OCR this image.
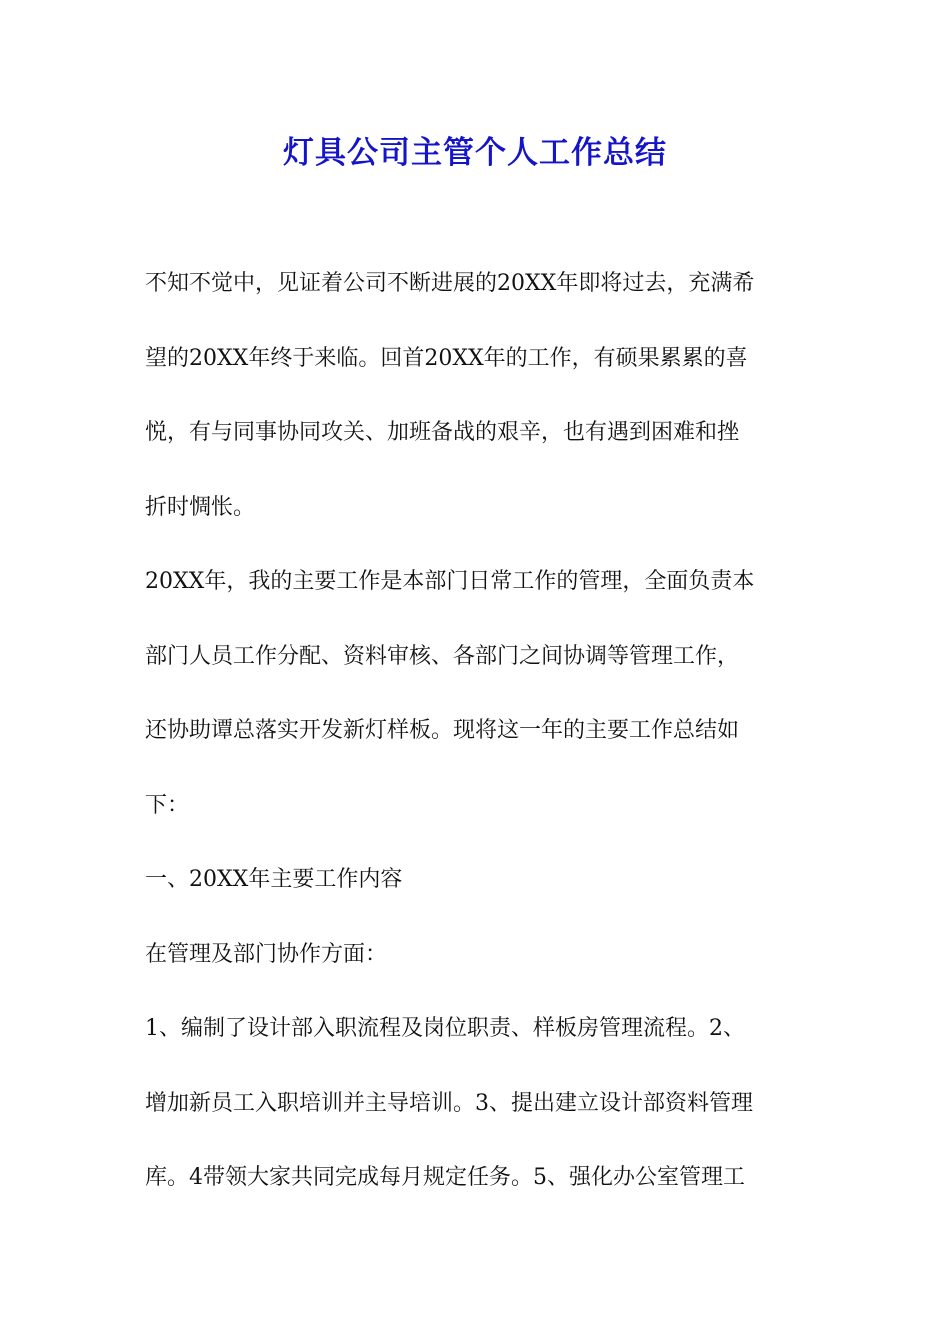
灯具公司主管个人工作总结

不知不觉中，见证着公司不断进展的20XX年即将过去，充满希

望的20XX年终于来临。回首20XX年的工作，有硕果累累的喜

悦，有与同事协同攻关、加班备战的艰辛，也有遇到困难和挫

折时惆怅。

20XX年，我的主要工作是本部门日常工作的管理，全面负责本

部门人员工作分配、资料审核、各部门之间协调等管理工作，

还协助谭总落实开发新灯样板。现将这一年的主要工作总结如

下：

一、20XX年主要工作内容

在管理及部门协作方面：

1、编制了设计部入职流程及岗位职责、样板房管理流程。2、

增加新员工入职培训并主导培训。3、提出建立设计部资料管理

库。4带领大家共同完成每月规定任务。5、强化办公室管理工
